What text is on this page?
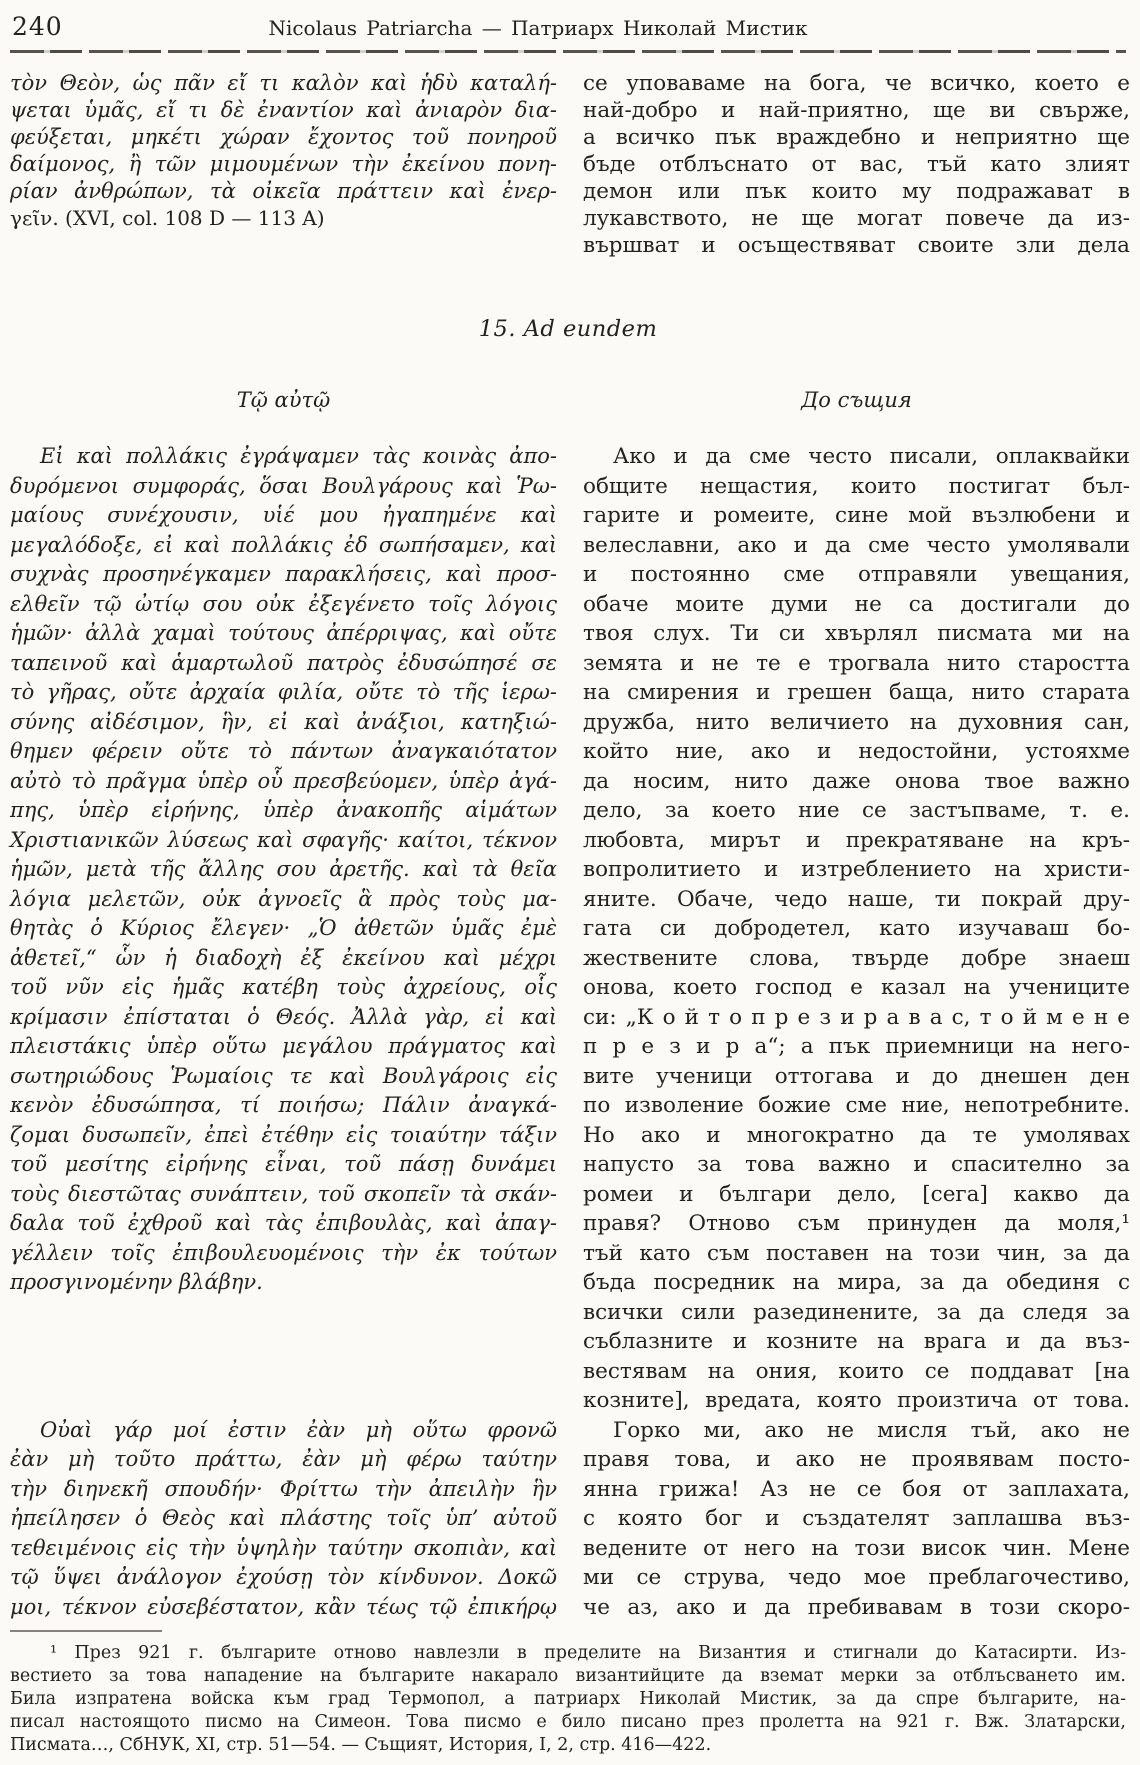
240	Nicolaus Patriarcha — Патриарх Николай Мистик
τὸν Θεὸν, ὡς πᾶν εἴ τι καλὸν καὶ ἡδὺ καταλή-
ψεται ὑμᾶς, εἴ τι δὲ ἐναντίον καὶ ἀνιαρὸν δια-
φεύξεται, μηκέτι χώραν ἔχοντος τοῦ πονηροῦ
δαίμονος, ἢ τῶν μιμουμένων τὴν ἐκείνου πονη-
ρίαν ἀνθρώπων, τὰ οἰκεῖα πράττειν καὶ ἐνερ-
γεῖν. (XVI, col. 108 D — 113 A)
се уповаваме на бога, че всичко, което е
най-добро и най-приятно, ще ви свърже,
а всичко пък враждебно и неприятно ще
бъде отблъснато от вас, тъй като злият
демон или пък които му подражават в
лукавството, не ще могат повече да из-
вършват и осъществяват своите зли дела
15. Ad eundem
Τῷ αὐτῷ
Εἰ καὶ πολλάκις ἐγράψαμεν τὰς κοινὰς ἀπο-
δυρόμενοι συμφοράς, ὅσαι Βουλγάρους καὶ Ῥω-
μαίους συνέχουσιν, υἱέ μου ἠγαπημένε καὶ
μεγαλόδοξε, εἰ καὶ πολλάκις ἐδ σωπήσαμεν, καὶ
συχνὰς προσηνέγκαμεν παρακλήσεις, καὶ προσ-
ελθεῖν τῷ ὠτίῳ σου οὐκ ἐξεγένετο τοῖς λόγοις
ἡμῶν· ἀλλὰ χαμαὶ τούτους ἀπέρριψας, καὶ οὔτε
ταπεινοῦ καὶ ἁμαρτωλοῦ πατρὸς ἐδυσώπησέ σε
τὸ γῆρας, οὔτε ἀρχαία φιλία, οὔτε τὸ τῆς ἱερω-
σύνης αἰδέσιμον, ἣν, εἰ καὶ ἀνάξιοι, κατηξιώ-
θημεν φέρειν οὔτε τὸ πάντων ἀναγκαιότατον
αὐτὸ τὸ πρᾶγμα ὑπὲρ οὗ πρεσβεύομεν, ὑπὲρ ἀγά-
πης, ὑπὲρ εἰρήνης, ὑπὲρ ἀνακοπῆς αἱμάτων
Χριστιανικῶν λύσεως καὶ σφαγῆς· καίτοι, τέκνον
ἡμῶν, μετὰ τῆς ἄλλης σου ἀρετῆς. καὶ τὰ θεῖα
λόγια μελετῶν, οὐκ ἀγνοεῖς ἃ πρὸς τοὺς μα-
θητὰς ὁ Κύριος ἔλεγεν· „Ὁ ἀθετῶν ὑμᾶς ἐμὲ
ἀθετεῖ,“ ὧν ἡ διαδοχὴ ἐξ ἐκείνου καὶ μέχρι
τοῦ νῦν εἰς ἡμᾶς κατέβη τοὺς ἀχρείους, οἷς
κρίμασιν ἐπίσταται ὁ Θεός. Ἀλλὰ γὰρ, εἰ καὶ
πλειστάκις ὑπὲρ οὕτω μεγάλου πράγματος καὶ
σωτηριώδους Ῥωμαίοις τε καὶ Βουλγάροις εἰς
κενὸν ἐδυσώπησα, τί ποιήσω; Πάλιν ἀναγκά-
ζομαι δυσωπεῖν, ἐπεὶ ἐτέθην εἰς τοιαύτην τάξιν
τοῦ μεσίτης εἰρήνης εἶναι, τοῦ πάσῃ δυνάμει
τοὺς διεστῶτας συνάπτειν, τοῦ σκοπεῖν τὰ σκάν-
δαλα τοῦ ἐχθροῦ καὶ τὰς ἐπιβουλὰς, καὶ ἀπαγ-
γέλλειν τοῖς ἐπιβουλευομένοις τὴν ἐκ τούτων
προσγινομένην βλάβην.
Οὐαὶ γάρ μοί ἐστιν ἐὰν μὴ οὕτω φρονῶ
ἐὰν μὴ τοῦτο πράττω, ἐὰν μὴ φέρω ταύτην
τὴν διηνεκῆ σπουδήν· Φρίττω τὴν ἀπειλὴν ἣν
ἠπείλησεν ὁ Θεὸς καὶ πλάστης τοῖς ὑπ’ αὐτοῦ
τεθειμένοις εἰς τὴν ὑψηλὴν ταύτην σκοπιὰν, καὶ
τῷ ὕψει ἀνάλογον ἐχούσῃ τὸν κίνδυνον. Δοκῶ
μοι, τέκνον εὐσεβέστατον, κἂν τέως τῷ ἐπικήρῳ
До същия
Ако и да сме често писали, оплаквайки
общите нещастия, които постигат бъл-
гарите и ромеите, сине мой възлюбени и
велеславни, ако и да сме често умолявали
и постоянно сме отправяли увещания,
обаче моите думи не са достигали до
твоя слух. Ти си хвърлял писмата ми на
земята и не те е трогвала нито старостта
на смирения и грешен баща, нито старата
дружба, нито величието на духовния сан,
който ние, ако и недостойни, устояхме
да носим, нито даже онова твое важно
дело, за което ние се застъпваме, т. е.
любовта, мирът и прекратяване на кръ-
вопролитието и изтреблението на христи-
яните. Обаче, чедо наше, ти покрай дру-
гата си добродетел, като изучаваш бо-
жествените слова, твърде добре знаеш
онова, което господ е казал на учениците
си: „К о й т о п р е з и р а в а с, т о й м е н е
п р е з и р а“; а пък приемници на него-
вите ученици оттогава и до днешен ден
по изволение божие сме ние, непотребните.
Но ако и многократно да те умолявах
напусто за това важно и спасително за
ромеи и българи дело, [сега] какво да
правя? Отново съм принуден да моля,¹
тъй като съм поставен на този чин, за да
бъда посредник на мира, за да обединя с
всички сили разединените, за да следя за
съблазните и козните на врага и да въз-
вестявам на ония, които се поддават [на
козните], вредата, която произтича от това.
Горко ми, ако не мисля тъй, ако не
правя това, и ако не проявявам посто-
янна грижа! Аз не се боя от заплахата,
с която бог и създателят заплашва въз-
ведените от него на този висок чин. Мене
ми се струва, чедо мое преблагочестиво,
че аз, ако и да пребивавам в този скоро-
¹ През 921 г. българите отново навлезли в пределите на Византия и стигнали до Катасирти. Из-
вестието за това нападение на българите накарало византийците да вземат мерки за отблъсването им.
Била изпратена войска към град Термопол, а патриарх Николай Мистик, за да спре българите, на-
писал настоящото писмо на Симеон. Това писмо е било писано през пролетта на 921 г. Вж. Златарски,
Писмата…, СбНУК, XI, стр. 51—54. — Същият, История, I, 2, стр. 416—422.
